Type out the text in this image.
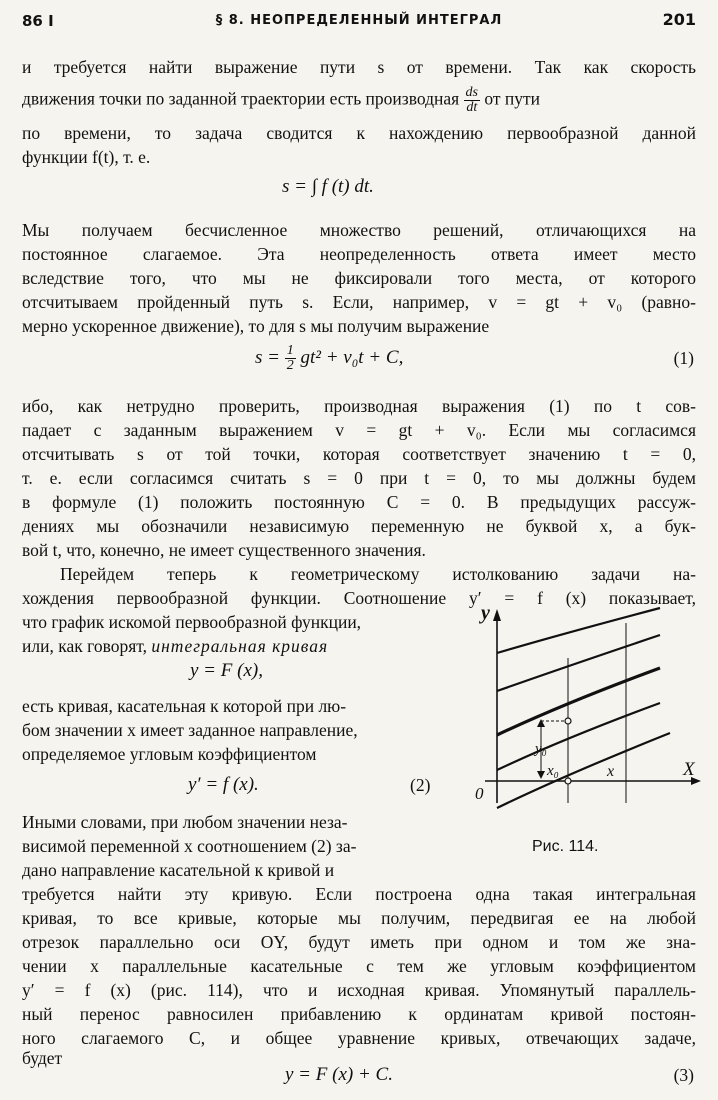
86 I	§ 8. НЕОПРЕДЕЛЕННЫЙ ИНТЕГРАЛ	201
и требуется найти выражение пути s от времени. Так как скорость
движения точки по заданной траектории есть производная $\frac{ds}{dt}$ от пути
по времени, то задача сводится к нахождению первообразной данной
функции f(t), т. е.
s = ∫ f (t) dt.
Мы получаем бесчисленное множество решений, отличающихся на
постоянное слагаемое. Эта неопределенность ответа имеет место
вследствие того, что мы не фиксировали того места, от которого
отсчитываем пройденный путь s. Если, например, v = gt + v₀ (равно-
мерно ускоренное движение), то для s мы получим выражение
$s = \frac{1}{2} gt^2 + v_0t + C$,	(1)
ибо, как нетрудно проверить, производная выражения (1) по t сов-
падает с заданным выражением v = gt + v₀. Если мы согласимся
отсчитывать s от той точки, которая соответствует значению t = 0,
т. е. если согласимся считать s = 0 при t = 0, то мы должны будем
в формуле (1) положить постоянную C = 0. В предыдущих рассуж-
дениях мы обозначили независимую переменную не буквой x, а бук-
вой t, что, конечно, не имеет существенного значения.
Перейдем теперь к геометрическому истолкованию задачи на-
хождения первообразной функции. Соотношение y′ = f (x) показывает,
что график искомой первообразной функции,
или, как говорят, интегральная кривая
y = F (x),
есть кривая, касательная к которой при лю-
бом значении x имеет заданное направление,
определяемое угловым коэффициентом
y′ = f (x).	(2)
Иными словами, при любом значении неза-
висимой переменной x соотношением (2) за-
дано направление касательной к кривой и
требуется найти эту кривую. Если построена одна такая интегральная
кривая, то все кривые, которые мы получим, передвигая ее на любой
отрезок параллельно оси OY, будут иметь при одном и том же зна-
чении x параллельные касательные с тем же угловым коэффициентом
y′ = f (x) (рис. 114), что и исходная кривая. Упомянутый параллель-
ный перенос равносилен прибавлению к ординатам кривой постоян-
ного слагаемого C, и общее уравнение кривых, отвечающих задаче,
будет
y = F (x) + C.	(3)
y
X
0
y₀
x₀	x
Рис. 114.
